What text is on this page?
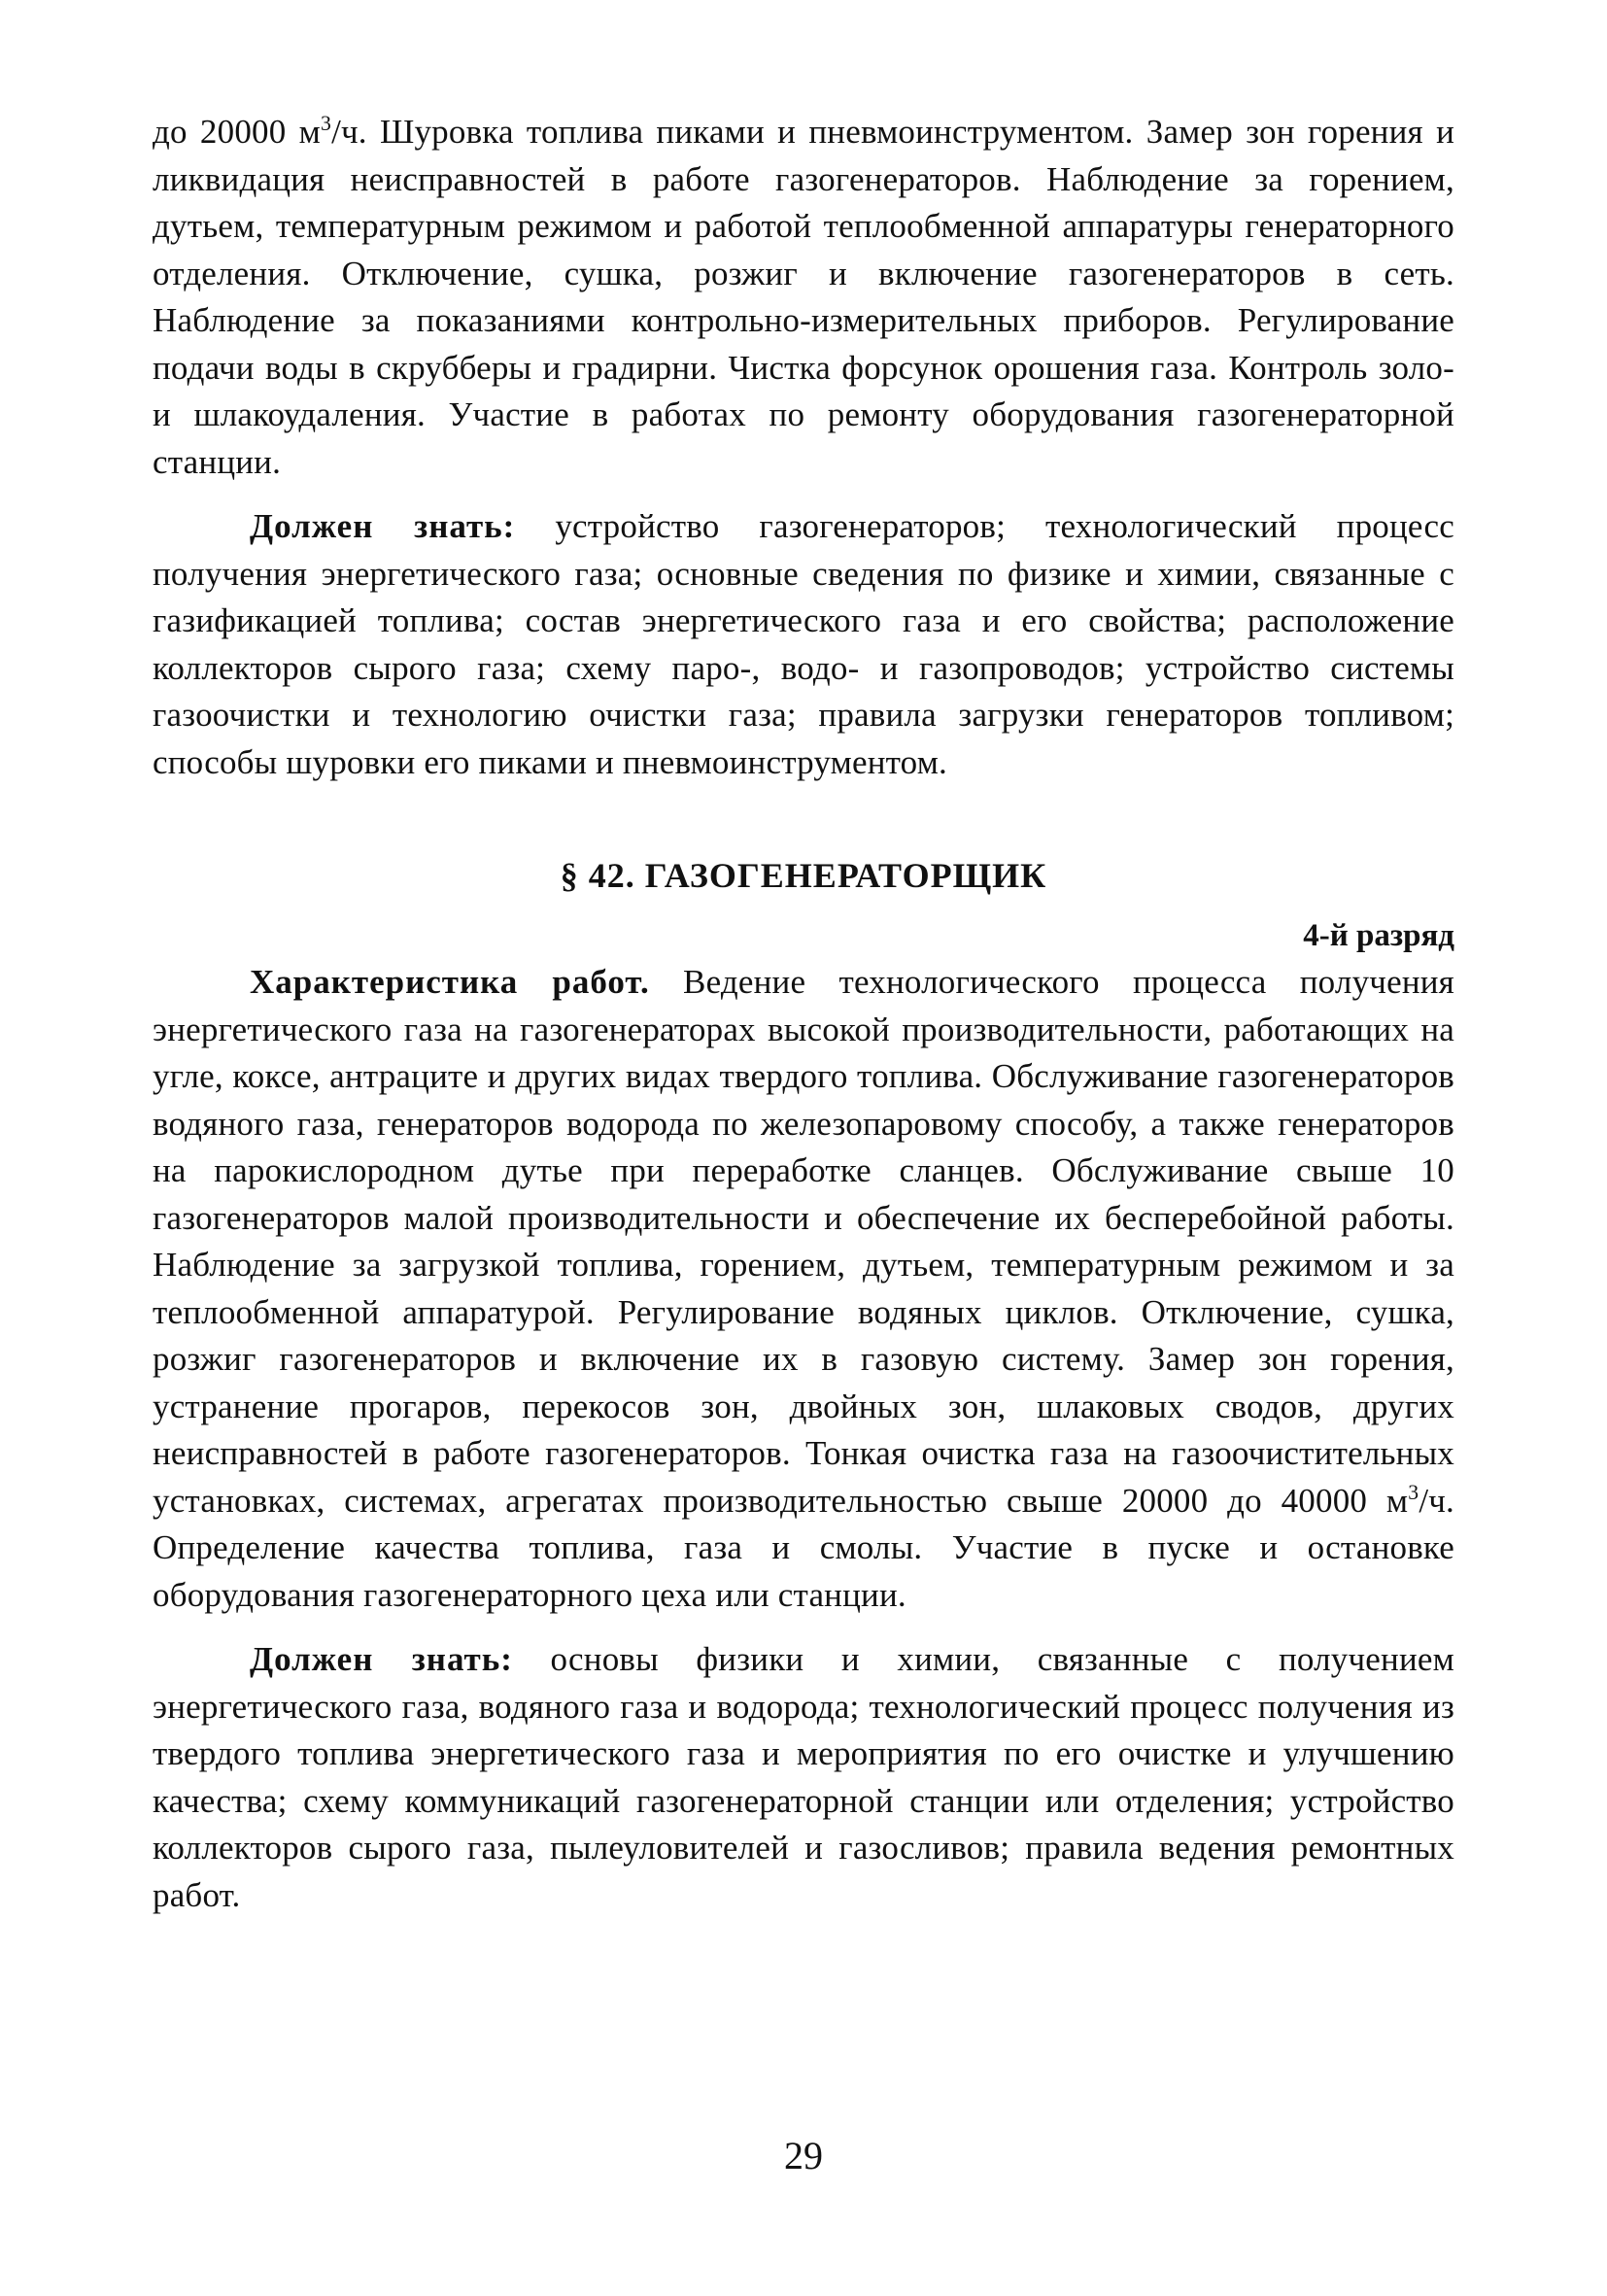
до 20000 $м^3/ч$. Шуровка топлива пиками и пневмоинструментом. Замер зон горения и ликвидация неисправностей в работе газогенераторов. Наблюдение за горением, дутьем, температурным режимом и работой теплообменной аппаратуры генераторного отделения. Отключение, сушка, розжиг и включение газогенераторов в сеть. Наблюдение за показаниями контрольно-измерительных приборов. Регулирование подачи воды в скрубберы и градирни. Чистка форсунок орошения газа. Контроль золо- и шлакоудаления. Участие в работах по ремонту оборудования газогенераторной станции.

Должен знать: устройство газогенераторов; технологический процесс получения энергетического газа; основные сведения по физике и химии, связанные с газификацией топлива; состав энергетического газа и его свойства; расположение коллекторов сырого газа; схему паро-, водо- и газопроводов; устройство системы газоочистки и технологию очистки газа; правила загрузки генераторов топливом; способы шуровки его пиками и пневмоинструментом.

§ 42. ГАЗОГЕНЕРАТОРЩИК
4-й разряд

Характеристика работ. Ведение технологического процесса получения энергетического газа на газогенераторах высокой производительности, работающих на угле, коксе, антраците и других видах твердого топлива. Обслуживание газогенераторов водяного газа, генераторов водорода по железопаровому способу, а также генераторов на парокислородном дутье при переработке сланцев. Обслуживание свыше 10 газогенераторов малой производительности и обеспечение их бесперебойной работы. Наблюдение за загрузкой топлива, горением, дутьем, температурным режимом и за теплообменной аппаратурой. Регулирование водяных циклов. Отключение, сушка, розжиг газогенераторов и включение их в газовую систему. Замер зон горения, устранение прогаров, перекосов зон, двойных зон, шлаковых сводов, других неисправностей в работе газогенераторов. Тонкая очистка газа на газоочистительных установках, системах, агрегатах производительностью свыше 20000 до 40000 $м^3/ч$. Определение качества топлива, газа и смолы. Участие в пуске и остановке оборудования газогенераторного цеха или станции.

Должен знать: основы физики и химии, связанные с получением энергетического газа, водяного газа и водорода; технологический процесс получения из твердого топлива энергетического газа и мероприятия по его очистке и улучшению качества; схему коммуникаций газогенераторной станции или отделения; устройство коллекторов сырого газа, пылеуловителей и газосливов; правила ведения ремонтных работ.

29
